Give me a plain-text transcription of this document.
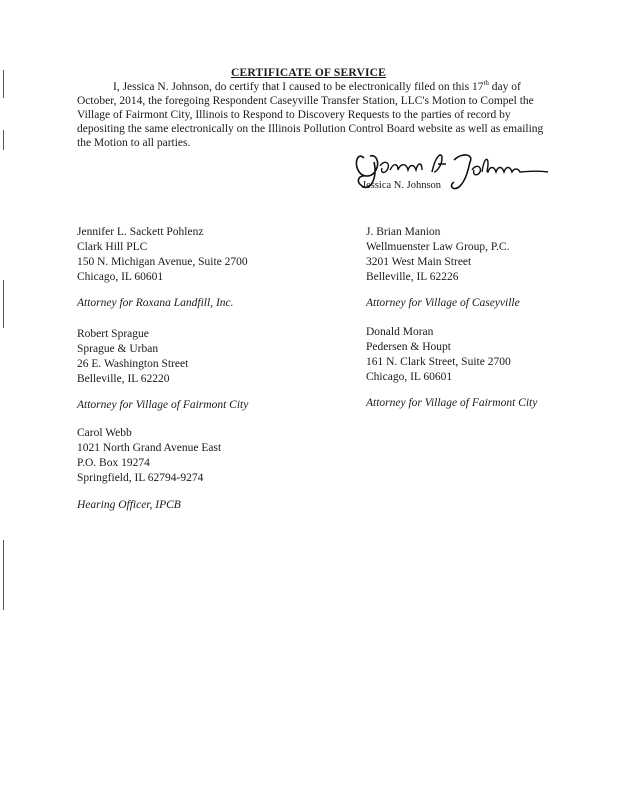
CERTIFICATE OF SERVICE
I, Jessica N. Johnson, do certify that I caused to be electronically filed on this 17th day of October, 2014, the foregoing Respondent Caseyville Transfer Station, LLC's Motion to Compel the Village of Fairmont City, Illinois to Respond to Discovery Requests to the parties of record by depositing the same electronically on the Illinois Pollution Control Board website as well as emailing the Motion to all parties.
Jessica N. Johnson
Jennifer L. Sackett Pohlenz
Clark Hill PLC
150 N. Michigan Avenue, Suite 2700
Chicago, IL 60601
Attorney for Roxana Landfill, Inc.
J. Brian Manion
Wellmuenster Law Group, P.C.
3201 West Main Street
Belleville, IL 62226
Attorney for Village of Caseyville
Robert Sprague
Sprague & Urban
26 E. Washington Street
Belleville, IL 62220
Attorney for Village of Fairmont City
Donald Moran
Pedersen & Houpt
161 N. Clark Street, Suite 2700
Chicago, IL 60601
Attorney for Village of Fairmont City
Carol Webb
1021 North Grand Avenue East
P.O. Box 19274
Springfield, IL 62794-9274
Hearing Officer, IPCB
